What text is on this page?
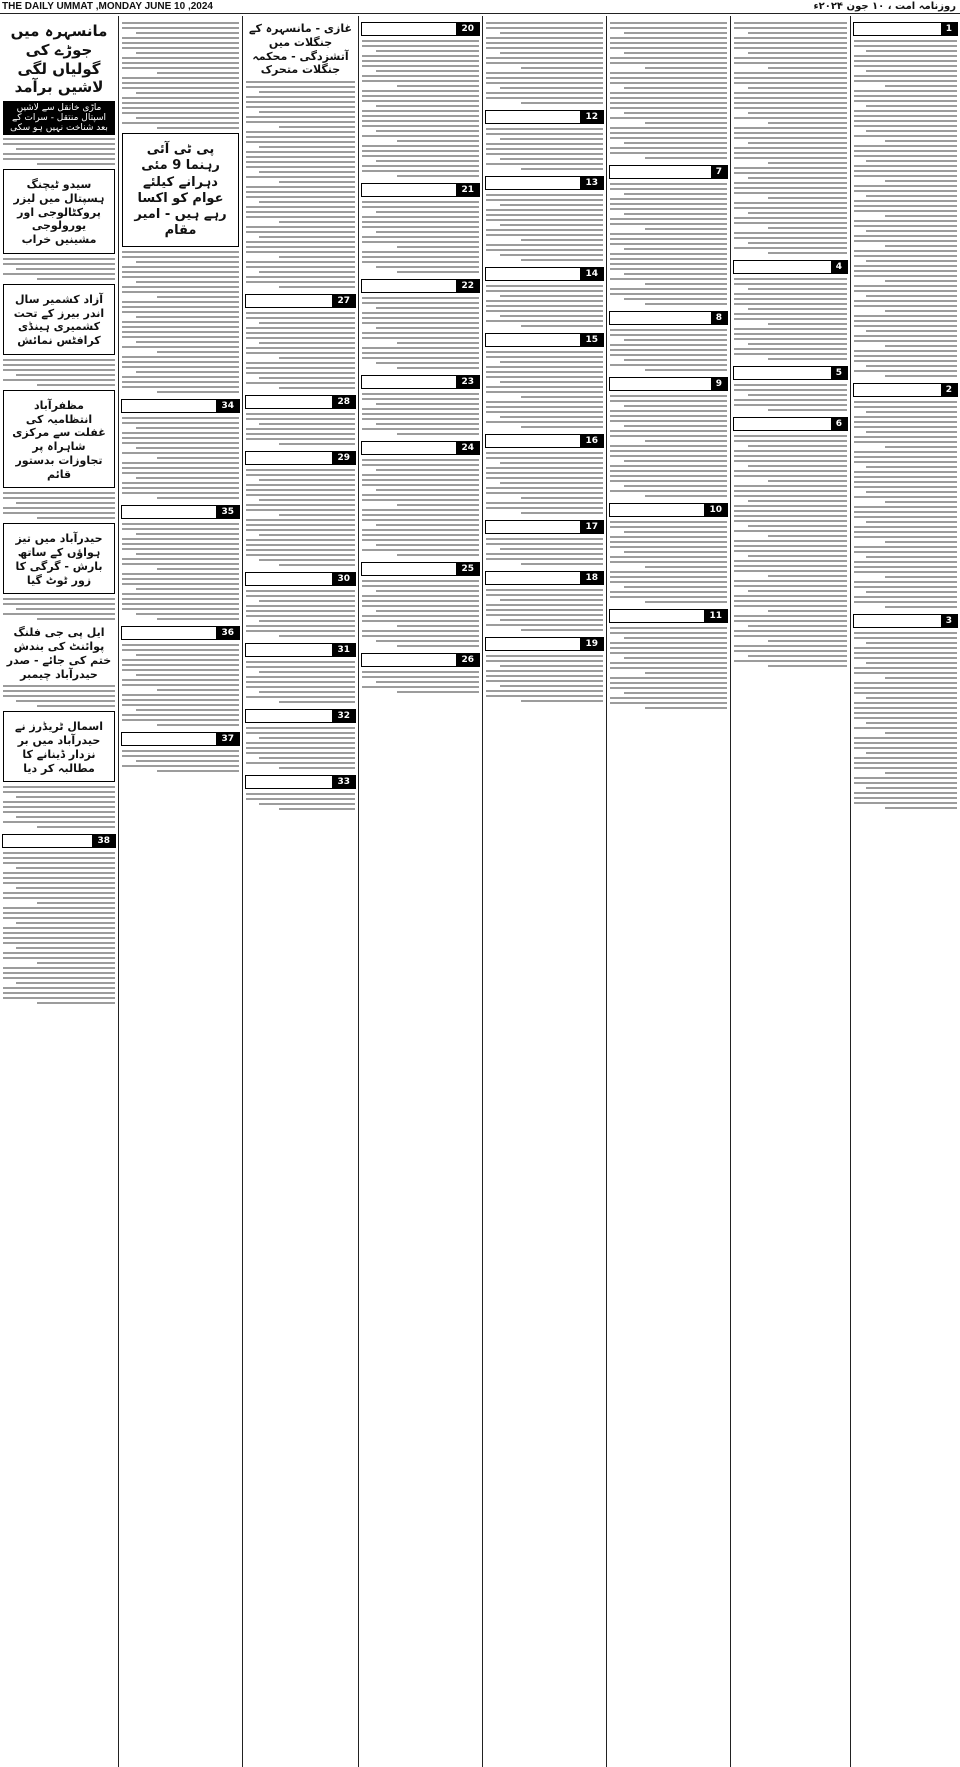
THE DAILY UMMAT ,MONDAY JUNE 10 ,2024	روزنامہ امت ، ۱۰ جون ۲۰۲۴ء
مانسہرہ میں جوڑے کی گولیاں لگی لاشیں برآمد
ماڑی خانقل سے لاشیں اسپتال منتقل - سرات کے بعد شناخت نہیں ہو سکی
سیدو ٹیچنگ ہسپتال میں لیزر پروکٹالوجی اور یورولوجی مشینیں خراب
آزاد کشمیر سال اندر بیرز کے تحت کشمیری ہینڈی کرافٹس نمائش
مظفرآباد انتظامیہ کی غفلت سے مرکزی شاہراہ پر تجاوزات بدستور قائم
حیدرآباد میں تیز ہواؤں کے ساتھ بارش - گرگی کا زور ٹوٹ گیا
ایل پی جی فلنگ پوائنٹ کی بندش ختم کی جائے - صدر حیدرآباد چیمبر
اسمال ٹریڈرز نے حیدرآباد میں بر نزدار ڈینانے کا مطالبہ کر دیا
38
پی ٹی آئی رہنما 9 مئی دہرانے کیلئے عوام کو اکسا رہے ہیں - امیر مقام
34
35
36
37
غازی - مانسہرہ کے جنگلات میں آتشزدگی - محکمہ جنگلات متحرک
27
28
29
30
31
32
33
20
21
22
23
24
25
26
12
13
14
15
16
17
18
19
7
8
9
10
11
4
5
6
1
2
3
